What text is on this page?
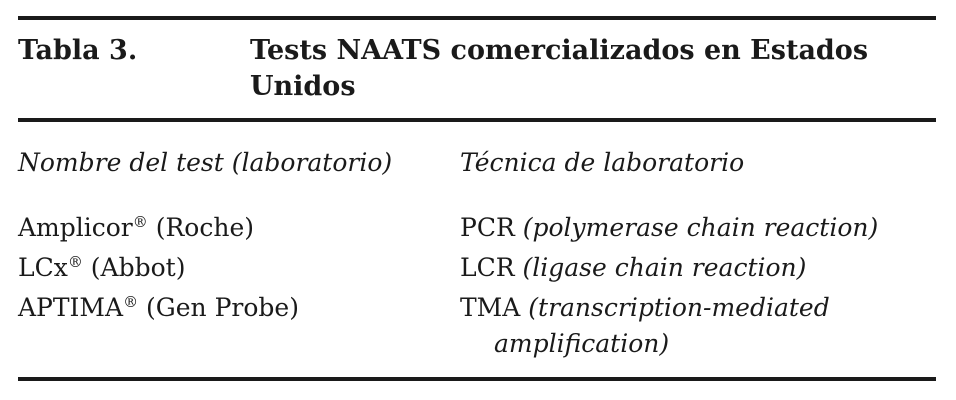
Tabla 3.	Tests NAATS comercializados en Estados Unidos
Nombre del test (laboratorio)	Técnica de laboratorio
Amplicor® (Roche)	PCR (polymerase chain reaction)
LCx® (Abbot)	LCR (ligase chain reaction)
APTIMA® (Gen Probe)	TMA (transcription-mediated
amplification)
